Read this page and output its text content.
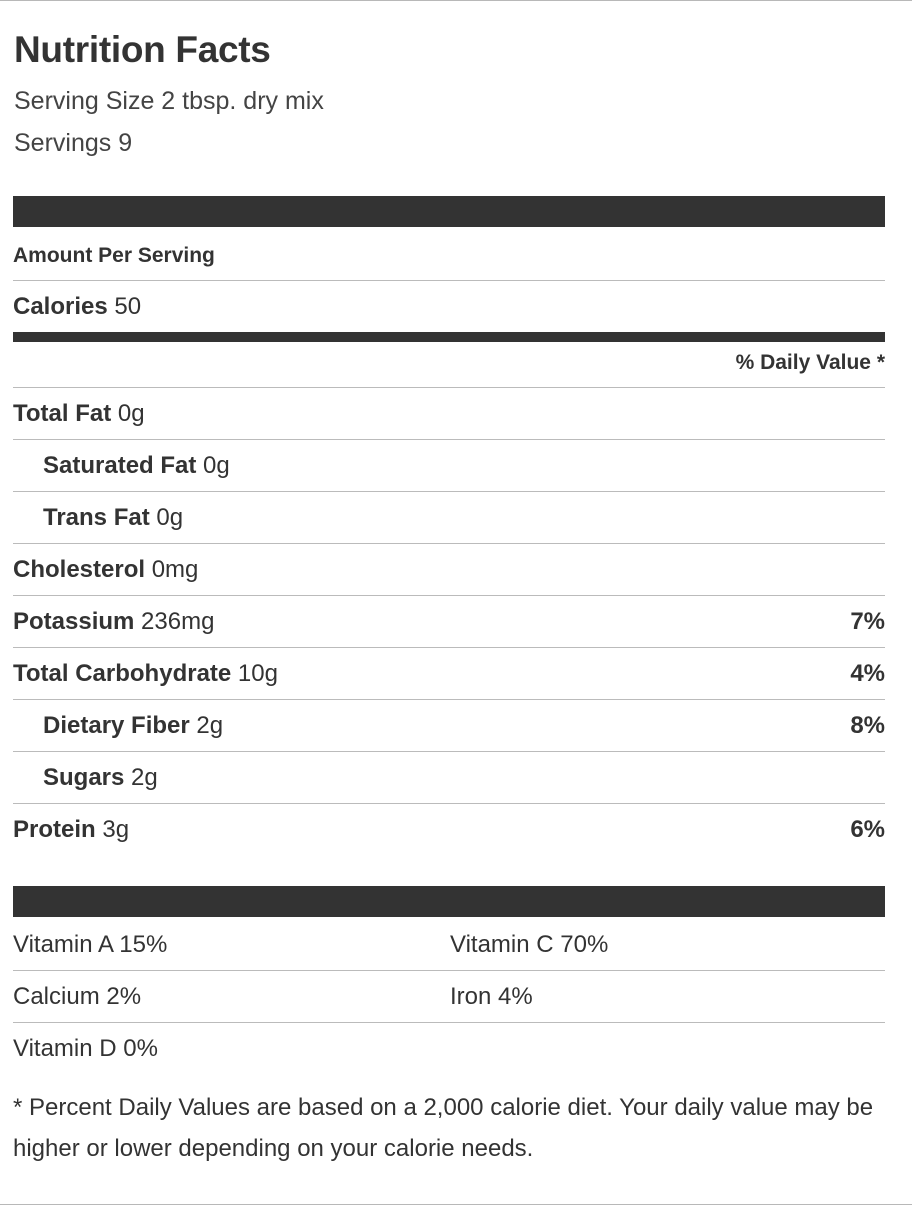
Nutrition Facts
Serving Size 2 tbsp. dry mix
Servings 9
Amount Per Serving
Calories 50
% Daily Value *
Total Fat 0g
Saturated Fat 0g
Trans Fat 0g
Cholesterol 0mg
Potassium 236mg	7%
Total Carbohydrate 10g	4%
Dietary Fiber 2g	8%
Sugars 2g
Protein 3g	6%
Vitamin A 15%	Vitamin C 70%
Calcium 2%	Iron 4%
Vitamin D 0%
* Percent Daily Values are based on a 2,000 calorie diet. Your daily value may be higher or lower depending on your calorie needs.
